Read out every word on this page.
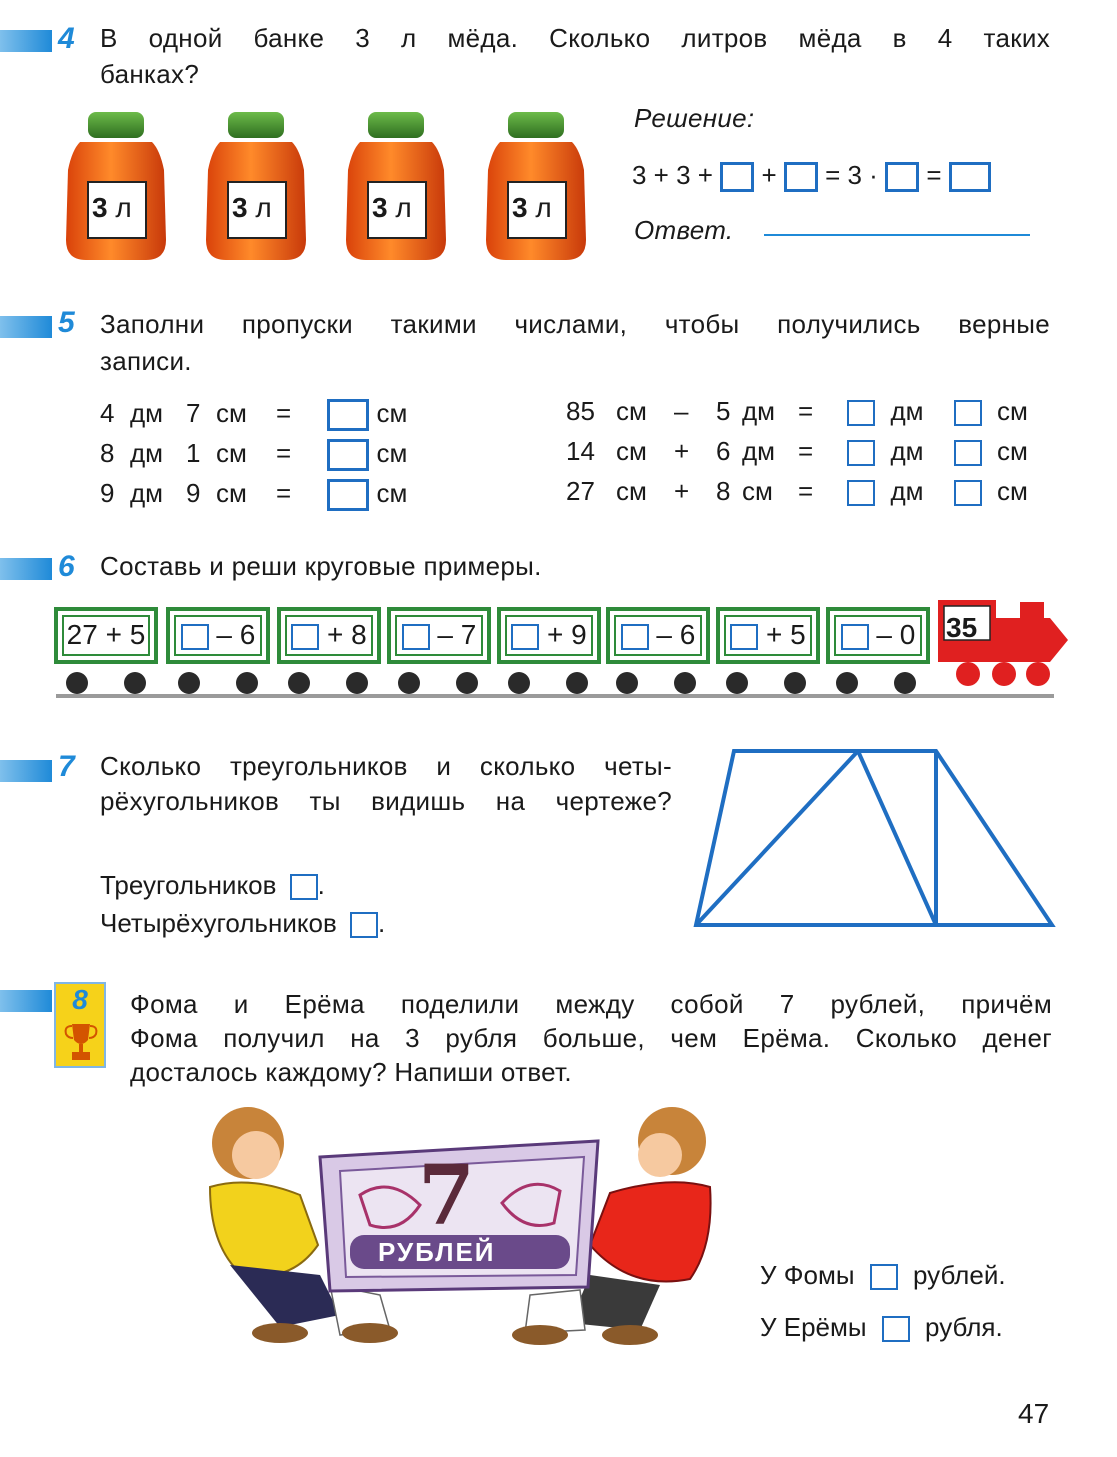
4 В одной банке 3 л мёда. Сколько литров мёда в 4 таких
банках?
3 л	3 л	3 л	3 л
Решение:
3 + 3 + + = 3 · =
Ответ.
5 Заполни пропуски такими числами, чтобы получились верные
записи.
4 дм 7 см =	см
8 дм 1 см =	см
9 дм 9 см =	см
85 см – 5 дм =	дм	см
14 см + 6 дм =	дм	см
27 см + 8 см =	дм	см
6 Составь и реши круговые примеры.
27 + 5	– 6	+ 8	– 7	+ 9	– 6	+ 5	– 0	35
7 Сколько треугольников и сколько четы-
рёхугольников ты видишь на чертеже?
Треугольников .
Четырёхугольников .
8	Фома и Ерёма поделили между собой 7 рублей, причём
Фома получил на 3 рубля больше, чем Ерёма. Сколько денег
досталось каждому? Напиши ответ.
7
РУБЛЕЙ
У Фомы рублей.
У Ерёмы рубля.
47
